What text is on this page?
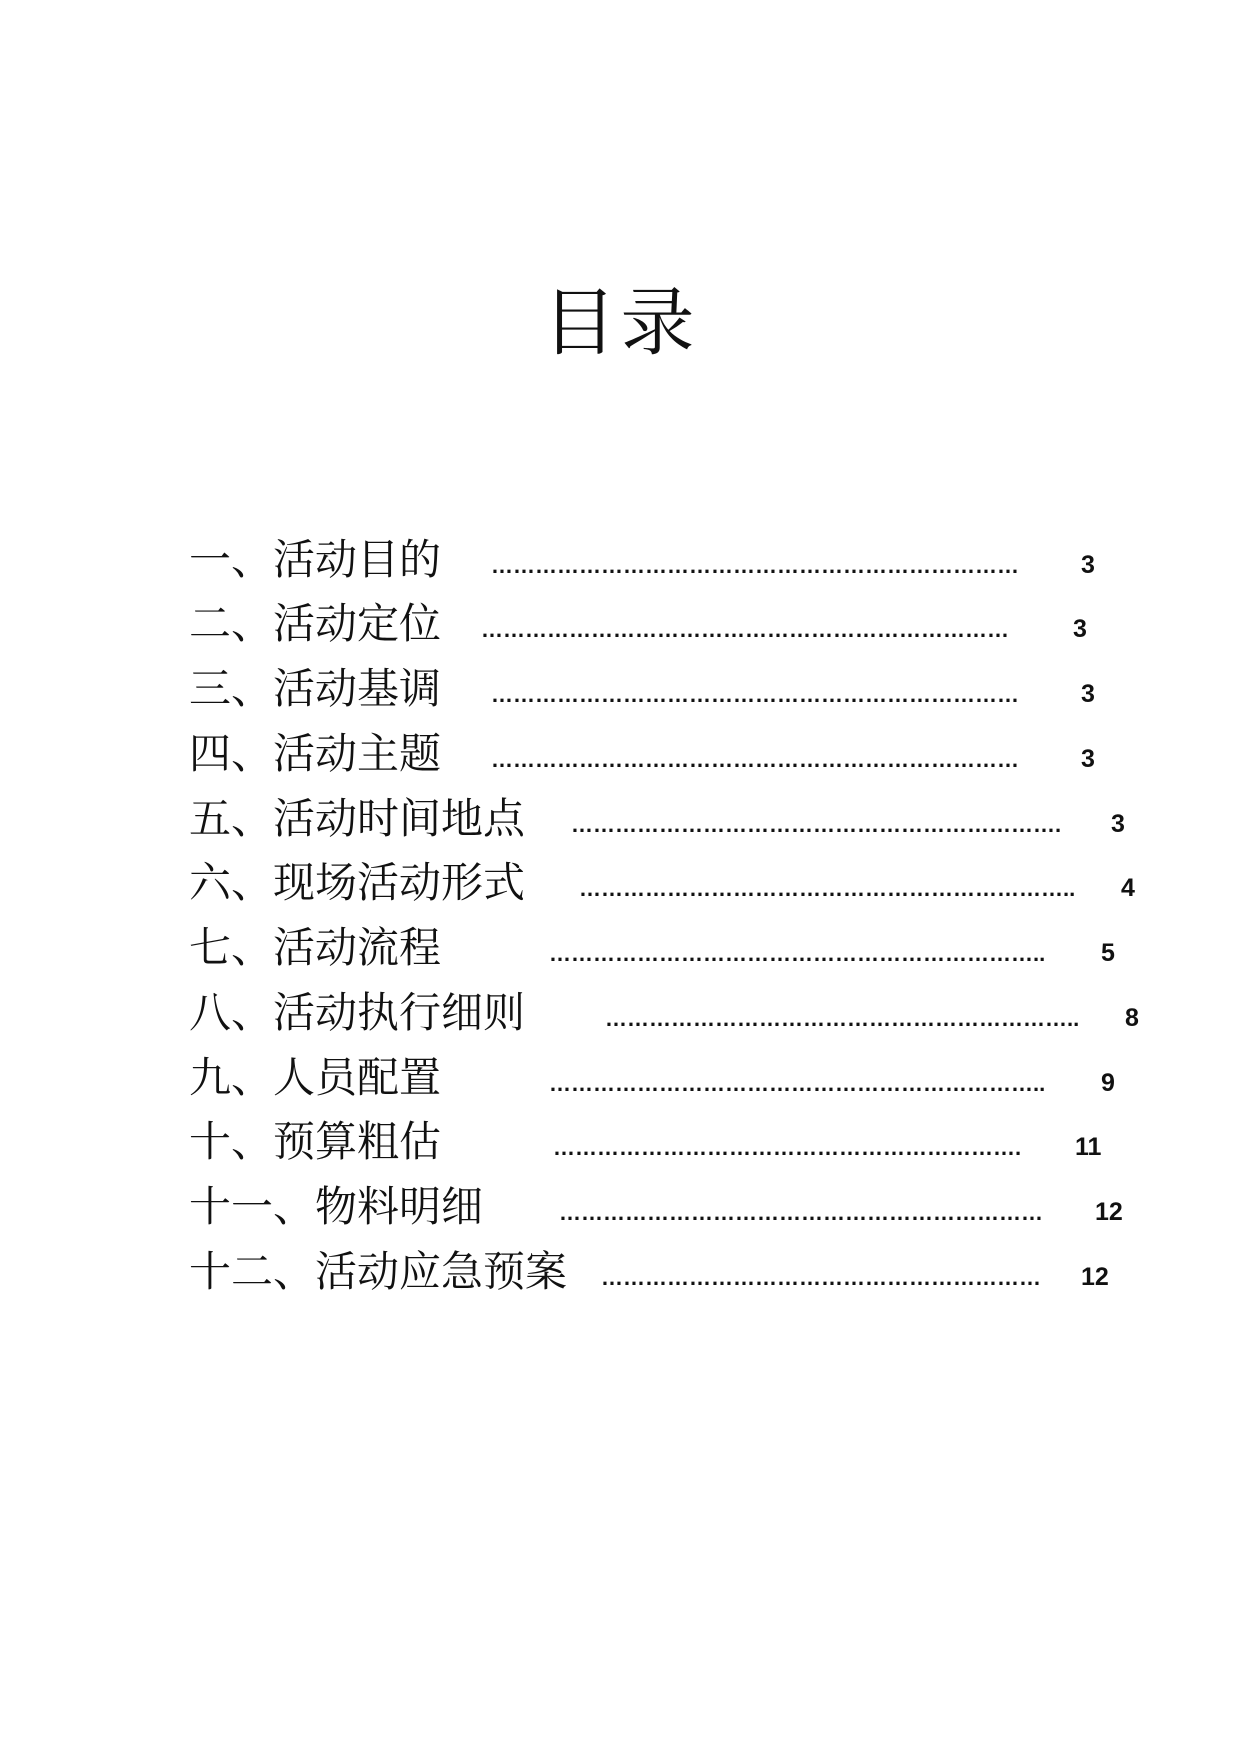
目录
一、活动目的 ………………………………………………………………	3
二、活动定位 ………………………………………………………………	3
三、活动基调 ………………………………………………………………	3
四、活动主题 ………………………………………………………………	3
五、活动时间地点 ………………………………………………………….	3
六、现场活动形式 …………………………………………………………..	4
七、活动流程	…………………………………………………………..	5
八、活动执行细则	………………………………………………………..	8
九、人员配置	…………………………………………………………..	9
十、预算粗估	……………………………………………………….	11
十一、物料明细	…………………………………………………………	12
十二、活动应急预案 ……………………………………………………	12
